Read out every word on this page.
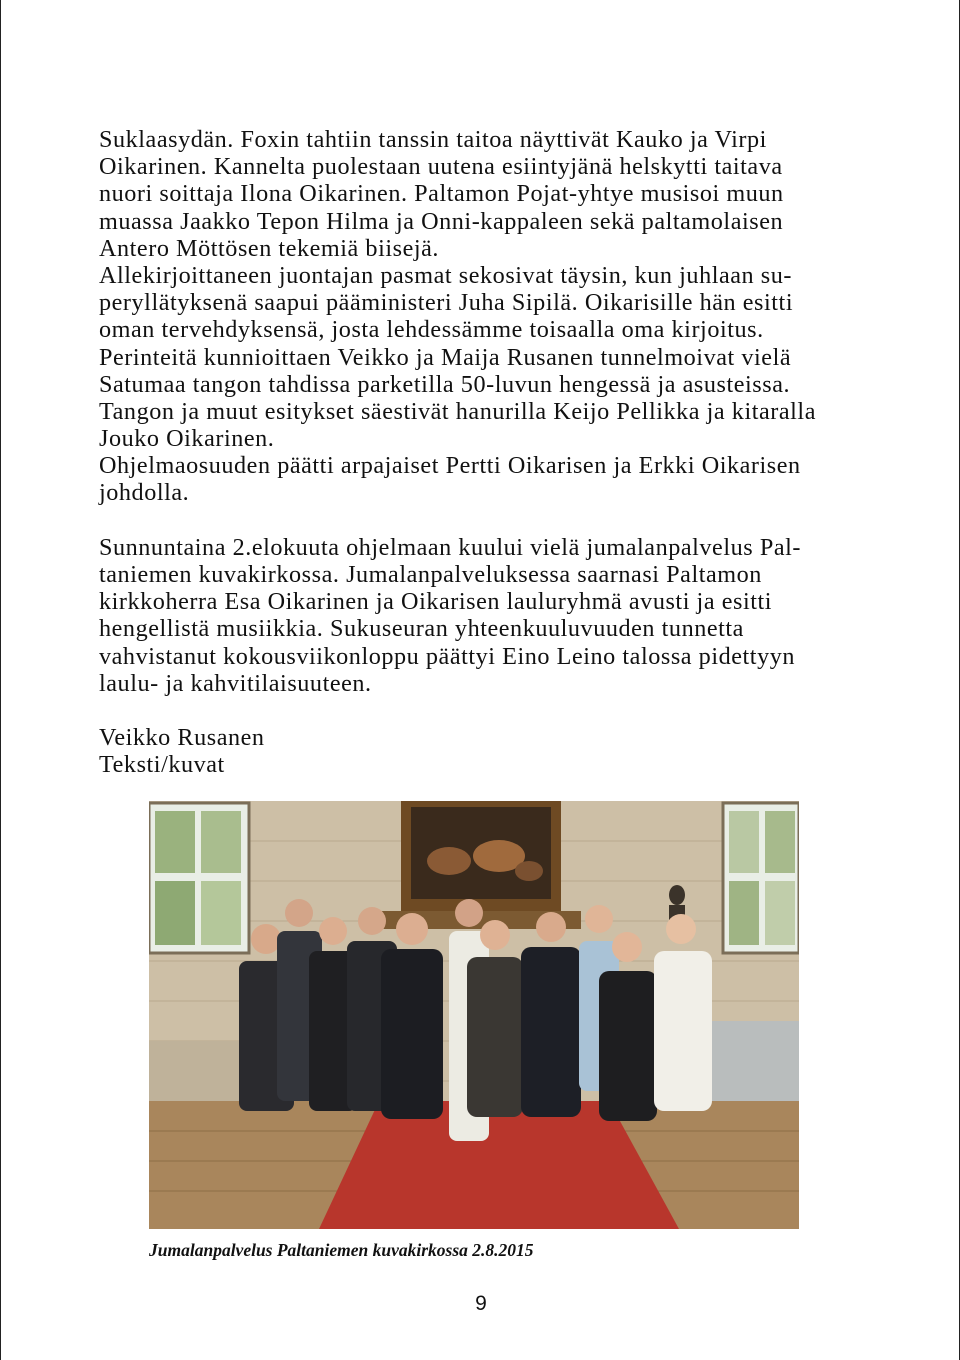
Suklaasydän. Foxin tahtiin tanssin taitoa näyttivät Kauko ja Virpi
Oikarinen. Kannelta puolestaan uutena esiintyjänä helskytti taitava
nuori soittaja Ilona Oikarinen. Paltamon Pojat-yhtye musisoi muun
muassa Jaakko Tepon Hilma ja Onni-kappaleen sekä paltamolaisen
Antero Möttösen tekemiä biisejä.
Allekirjoittaneen juontajan pasmat sekosivat täysin, kun juhlaan su-
peryllätyksenä saapui pääministeri Juha Sipilä. Oikarisille hän esitti
oman tervehdyksensä, josta lehdessämme toisaalla oma kirjoitus.
Perinteitä kunnioittaen Veikko ja Maija Rusanen tunnelmoivat vielä
Satumaa tangon tahdissa parketilla 50-luvun hengessä ja asusteissa.
Tangon ja muut esitykset säestivät hanurilla Keijo Pellikka ja kitaralla
Jouko Oikarinen.
Ohjelmaosuuden päätti arpajaiset Pertti Oikarisen ja Erkki Oikarisen
johdolla.
Sunnuntaina 2.elokuuta ohjelmaan kuului vielä jumalanpalvelus Pal-
taniemen kuvakirkossa. Jumalanpalveluksessa saarnasi Paltamon
kirkkoherra Esa Oikarinen ja Oikarisen lauluryhmä avusti ja esitti
hengellistä musiikkia. Sukuseuran yhteenkuuluvuuden tunnetta
vahvistanut kokousviikonloppu päättyi Eino Leino talossa pidettyyn
laulu- ja kahvitilaisuuteen.
Veikko Rusanen
Teksti/kuvat
Jumalanpalvelus Paltaniemen kuvakirkossa 2.8.2015
9
